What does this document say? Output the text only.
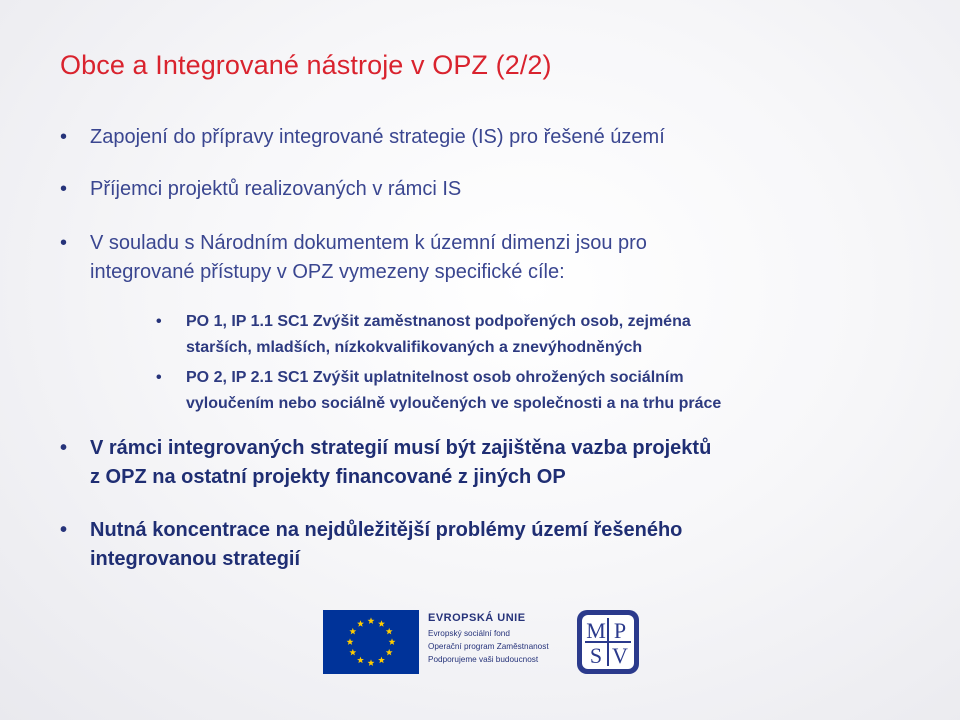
Obce a Integrované nástroje v OPZ (2/2)
• Zapojení do přípravy integrované strategie (IS) pro řešené území
• Příjemci projektů realizovaných v rámci IS
• V souladu s Národním dokumentem k územní dimenzi jsou pro
integrované přístupy v OPZ vymezeny specifické cíle:
• PO 1, IP 1.1 SC1 Zvýšit zaměstnanost podpořených osob, zejména
starších, mladších, nízkokvalifikovaných a znevýhodněných
• PO 2, IP 2.1 SC1 Zvýšit uplatnitelnost osob ohrožených sociálním
vyloučením nebo sociálně vyloučených ve společnosti a na trhu práce
• V rámci integrovaných strategií musí být zajištěna vazba projektů
z OPZ na ostatní projekty financované z jiných OP
• Nutná koncentrace na nejdůležitější problémy území řešeného
integrovanou strategií
EVROPSKÁ UNIE
Evropský sociální fond
Operační program Zaměstnanost
Podporujeme vaši budoucnost
M P
S V
